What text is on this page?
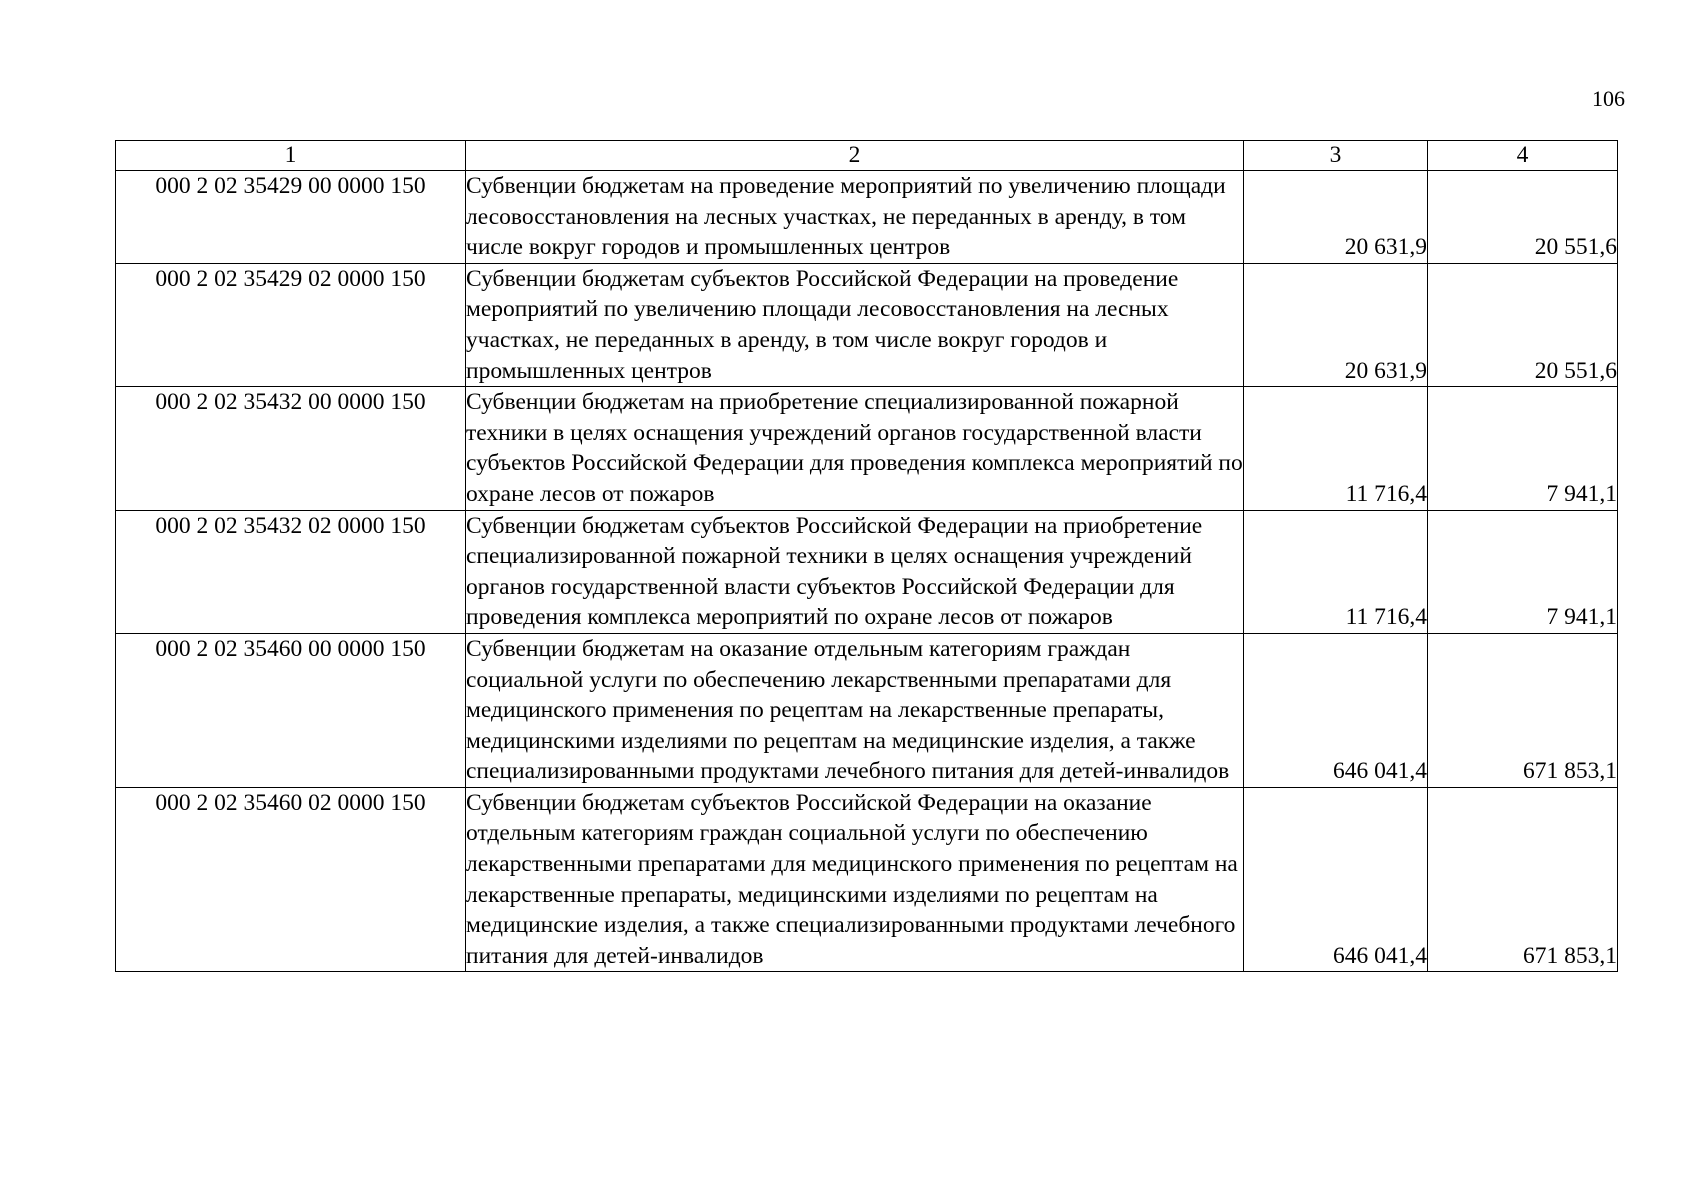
106
1	2	3	4
000 2 02 35429 00 0000 150	Субвенции бюджетам на проведение мероприятий по увеличению площади лесовосстановления на лесных участках, не переданных в аренду, в том числе вокруг городов и промышленных центров	20 631,9	20 551,6
000 2 02 35429 02 0000 150	Субвенции бюджетам субъектов Российской Федерации на проведение мероприятий по увеличению площади лесовосстановления на лесных участках, не переданных в аренду, в том числе вокруг городов и промышленных центров	20 631,9	20 551,6
000 2 02 35432 00 0000 150	Субвенции бюджетам на приобретение специализированной пожарной техники в целях оснащения учреждений органов государственной власти субъектов Российской Федерации для проведения комплекса мероприятий по охране лесов от пожаров	11 716,4	7 941,1
000 2 02 35432 02 0000 150	Субвенции бюджетам субъектов Российской Федерации на приобретение специализированной пожарной техники в целях оснащения учреждений органов государственной власти субъектов Российской Федерации для проведения комплекса мероприятий по охране лесов от пожаров	11 716,4	7 941,1
000 2 02 35460 00 0000 150	Субвенции бюджетам на оказание отдельным категориям граждан социальной услуги по обеспечению лекарственными препаратами для медицинского применения по рецептам на лекарственные препараты, медицинскими изделиями по рецептам на медицинские изделия, а также специализированными продуктами лечебного питания для детей-инвалидов	646 041,4	671 853,1
000 2 02 35460 02 0000 150	Субвенции бюджетам субъектов Российской Федерации на оказание отдельным категориям граждан социальной услуги по обеспечению лекарственными препаратами для медицинского применения по рецептам на лекарственные препараты, медицинскими изделиями по рецептам на медицинские изделия, а также специализированными продуктами лечебного питания для детей-инвалидов	646 041,4	671 853,1
